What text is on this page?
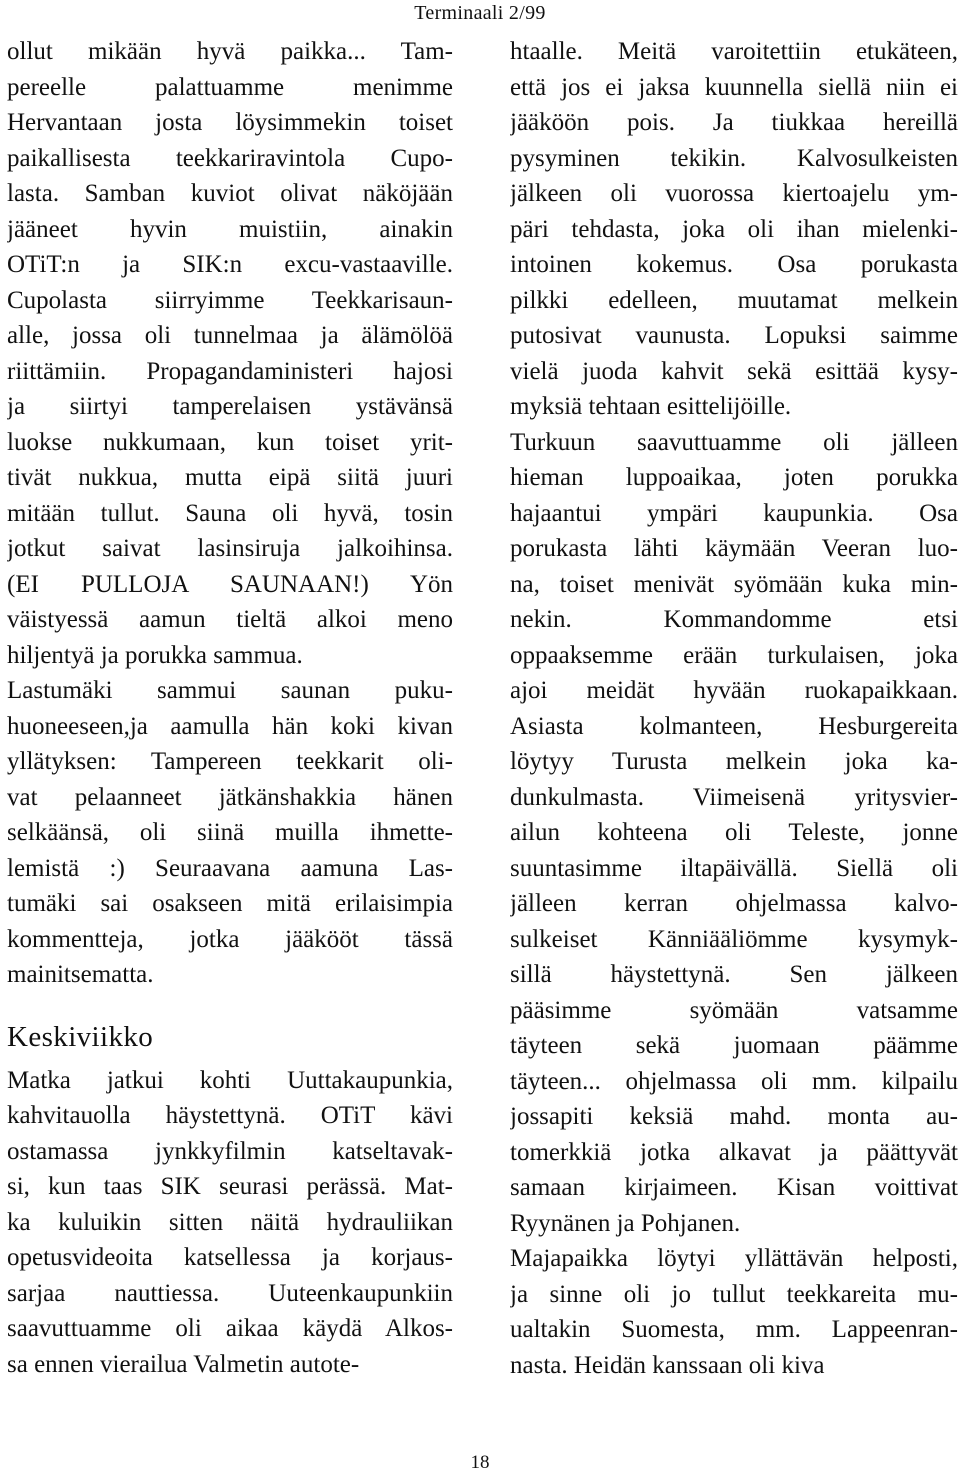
Terminaali 2/99
ollut mikään hyvä paikka... Tam-
pereelle palattuamme menimme
Hervantaan josta löysimmekin toiset
paikallisesta teekkariravintola Cupo-
lasta. Samban kuviot olivat näköjään
jääneet hyvin muistiin, ainakin
OTiT:n ja SIK:n excu-vastaaville.
Cupolasta siirryimme Teekkarisaun-
alle, jossa oli tunnelmaa ja älämölöä
riittämiin. Propagandaministeri hajosi
ja siirtyi tamperelaisen ystävänsä
luokse nukkumaan, kun toiset yrit-
tivät nukkua, mutta eipä siitä juuri
mitään tullut. Sauna oli hyvä, tosin
jotkut saivat lasinsiruja jalkoihinsa.
(EI PULLOJA SAUNAAN!) Yön
väistyessä aamun tieltä alkoi meno
hiljentyä ja porukka sammua.
Lastumäki sammui saunan puku-
huoneeseen,ja aamulla hän koki kivan
yllätyksen: Tampereen teekkarit oli-
vat pelaanneet jätkänshakkia hänen
selkäänsä, oli siinä muilla ihmette-
lemistä :) Seuraavana aamuna Las-
tumäki sai osakseen mitä erilaisimpia
kommentteja, jotka jääkööt tässä
mainitsematta.
Keskiviikko
Matka jatkui kohti Uuttakaupunkia,
kahvitauolla häystettynä. OTiT kävi
ostamassa jynkkyfilmin katseltavak-
si, kun taas SIK seurasi perässä. Mat-
ka kuluikin sitten näitä hydrauliikan
opetusvideoita katsellessa ja korjaus-
sarjaa nauttiessa. Uuteenkaupunkiin
saavuttuamme oli aikaa käydä Alkos-
sa ennen vierailua Valmetin autote-
htaalle. Meitä varoitettiin etukäteen,
että jos ei jaksa kuunnella siellä niin ei
jääköön pois. Ja tiukkaa hereillä
pysyminen tekikin. Kalvosulkeisten
jälkeen oli vuorossa kiertoajelu ym-
päri tehdasta, joka oli ihan mielenki-
intoinen kokemus. Osa porukasta
pilkki edelleen, muutamat melkein
putosivat vaunusta. Lopuksi saimme
vielä juoda kahvit sekä esittää kysy-
myksiä tehtaan esittelijöille.
Turkuun saavuttuamme oli jälleen
hieman luppoaikaa, joten porukka
hajaantui ympäri kaupunkia. Osa
porukasta lähti käymään Veeran luo-
na, toiset menivät syömään kuka min-
nekin. Kommandomme etsi
oppaaksemme erään turkulaisen, joka
ajoi meidät hyvään ruokapaikkaan.
Asiasta kolmanteen, Hesburgereita
löytyy Turusta melkein joka ka-
dunkulmasta. Viimeisenä yritysvier-
ailun kohteena oli Teleste, jonne
suuntasimme iltapäivällä. Siellä oli
jälleen kerran ohjelmassa kalvo-
sulkeiset Känniääliömme kysymyk-
sillä häystettynä. Sen jälkeen
pääsimme syömään vatsamme
täyteen sekä juomaan päämme
täyteen... ohjelmassa oli mm. kilpailu
jossapiti keksiä mahd. monta au-
tomerkkiä jotka alkavat ja päättyvät
samaan kirjaimeen. Kisan voittivat
Ryynänen ja Pohjanen.
Majapaikka löytyi yllättävän helposti,
ja sinne oli jo tullut teekkareita mu-
ualtakin Suomesta, mm. Lappeenran-
nasta. Heidän kanssaan oli kiva
18
